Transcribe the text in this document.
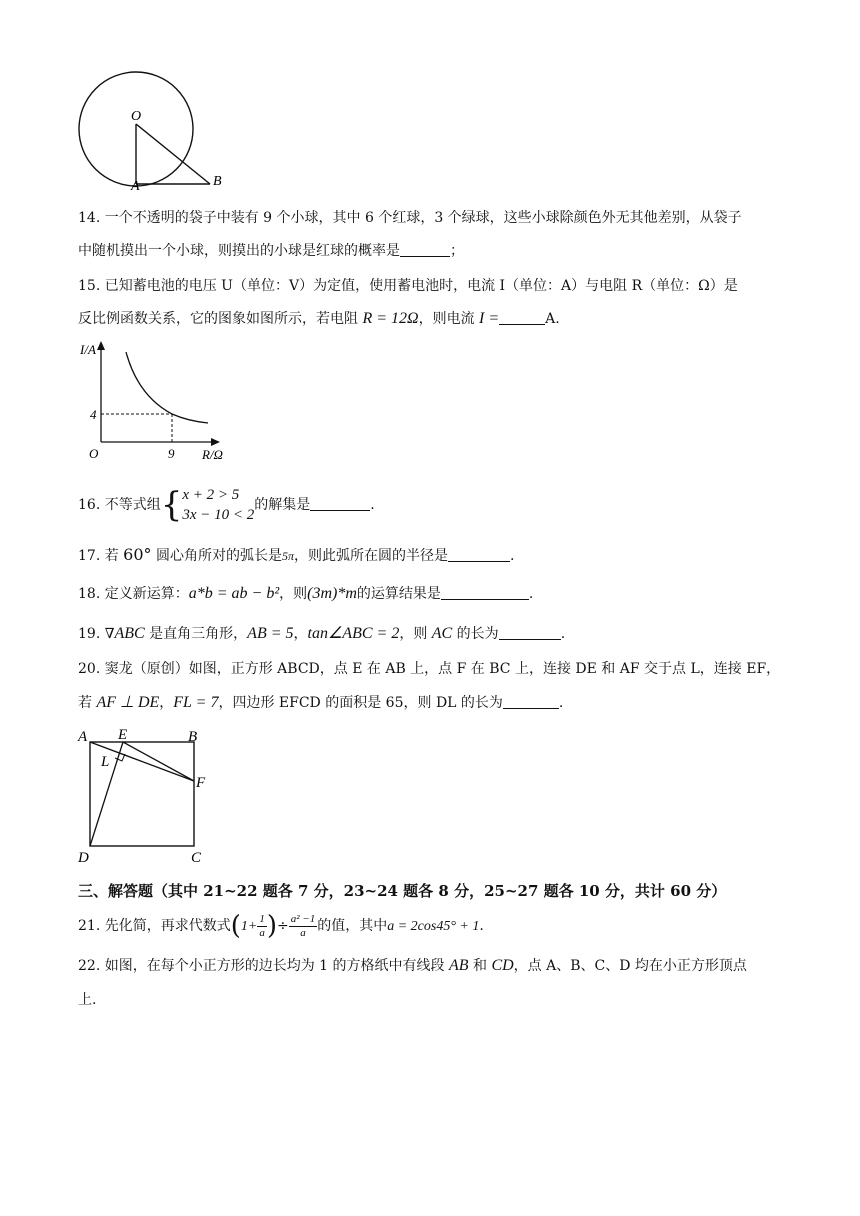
O
A	B
14. 一个不透明的袋子中装有 9 个小球，其中 6 个红球，3 个绿球，这些小球除颜色外无其他差别，从袋子
中随机摸出一个小球，则摸出的小球是红球的概率是	；
15. 已知蓄电池的电压 U（单位：V）为定值，使用蓄电池时，电流 I（单位：A）与电阻 R（单位：Ω）是
反比例函数关系，它的图象如图所示，若电阻 R = 12Ω，则电流 I =	A.
I/A
4
O	9 R/Ω
16. 不等式组{ x + 2 > 5
3x − 10 < 2
的解集是	.
17. 若 60° 圆心角所对的弧长是5π，则此弧所在圆的半径是	.
18. 定义新运算：a*b = ab − b²，则(3m)*m的运算结果是	.
19. ∇ABC 是直角三角形，AB = 5，tan∠ABC = 2，则 AC 的长为	.
20. 窦龙（原创）如图，正方形 ABCD，点 E 在 AB 上，点 F 在 BC 上，连接 DE 和 AF 交于点 L，连接 EF，
若 AF ⊥ DE，FL = 7，四边形 EFCD 的面积是 65，则 DL 的长为	.
A E	B
L
F
D	C
三、解答题（其中 21~22 题各 7 分，23~24 题各 8 分，25~27 题各 10 分，共计 60 分）
21. 先化简，再求代数式($1+ \frac{1}{a}$ )÷ $\frac{\text{a² −1}}{a}$ 的值，其中a = 2cos45° + 1.
22. 如图，在每个小正方形的边长均为 1 的方格纸中有线段 AB 和 CD，点 A、B、C、D 均在小正方形顶点
上.
